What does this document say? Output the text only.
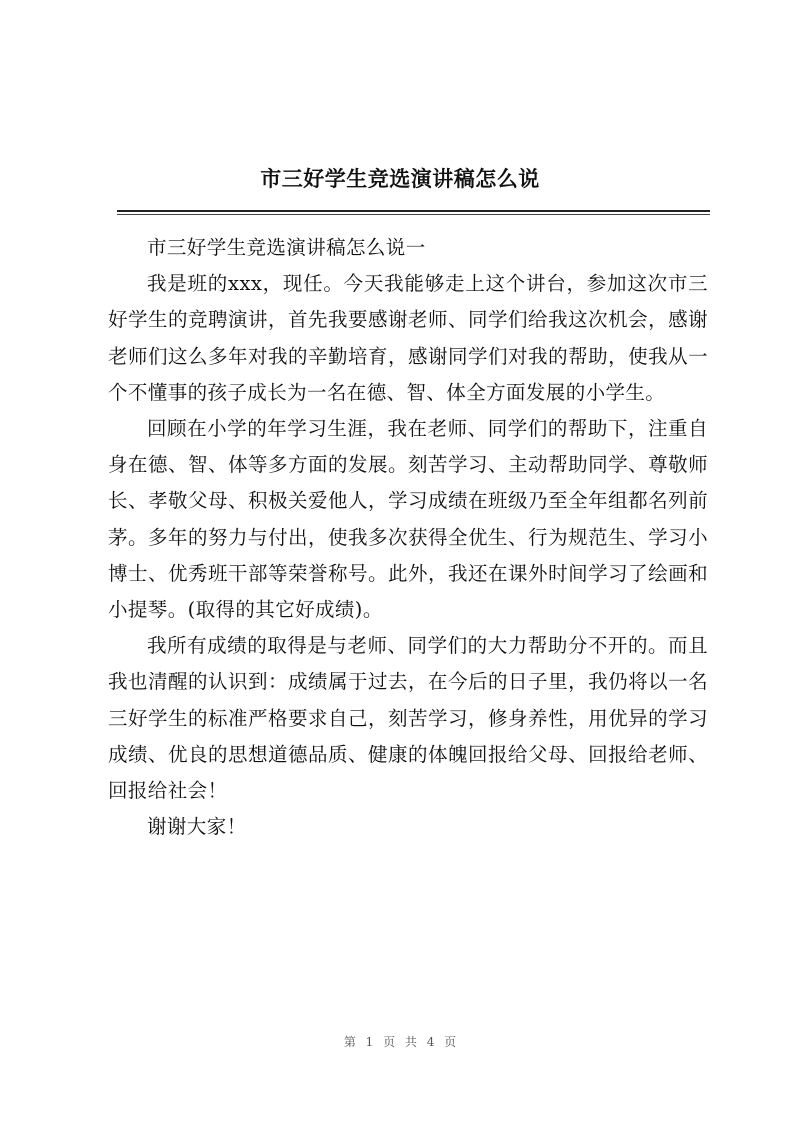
市三好学生竞选演讲稿怎么说

市三好学生竞选演讲稿怎么说一

我是班的xxx，现任。今天我能够走上这个讲台，参加这次市三好学生的竞聘演讲，首先我要感谢老师、同学们给我这次机会，感谢老师们这么多年对我的辛勤培育，感谢同学们对我的帮助，使我从一个不懂事的孩子成长为一名在德、智、体全方面发展的小学生。

回顾在小学的年学习生涯，我在老师、同学们的帮助下，注重自身在德、智、体等多方面的发展。刻苦学习、主动帮助同学、尊敬师长、孝敬父母、积极关爱他人，学习成绩在班级乃至全年组都名列前茅。多年的努力与付出，使我多次获得全优生、行为规范生、学习小博士、优秀班干部等荣誉称号。此外，我还在课外时间学习了绘画和小提琴。(取得的其它好成绩)。

我所有成绩的取得是与老师、同学们的大力帮助分不开的。而且我也清醒的认识到：成绩属于过去，在今后的日子里，我仍将以一名三好学生的标准严格要求自己，刻苦学习，修身养性，用优异的学习成绩、优良的思想道德品质、健康的体魄回报给父母、回报给老师、回报给社会！

谢谢大家！

第 1 页 共 4 页
